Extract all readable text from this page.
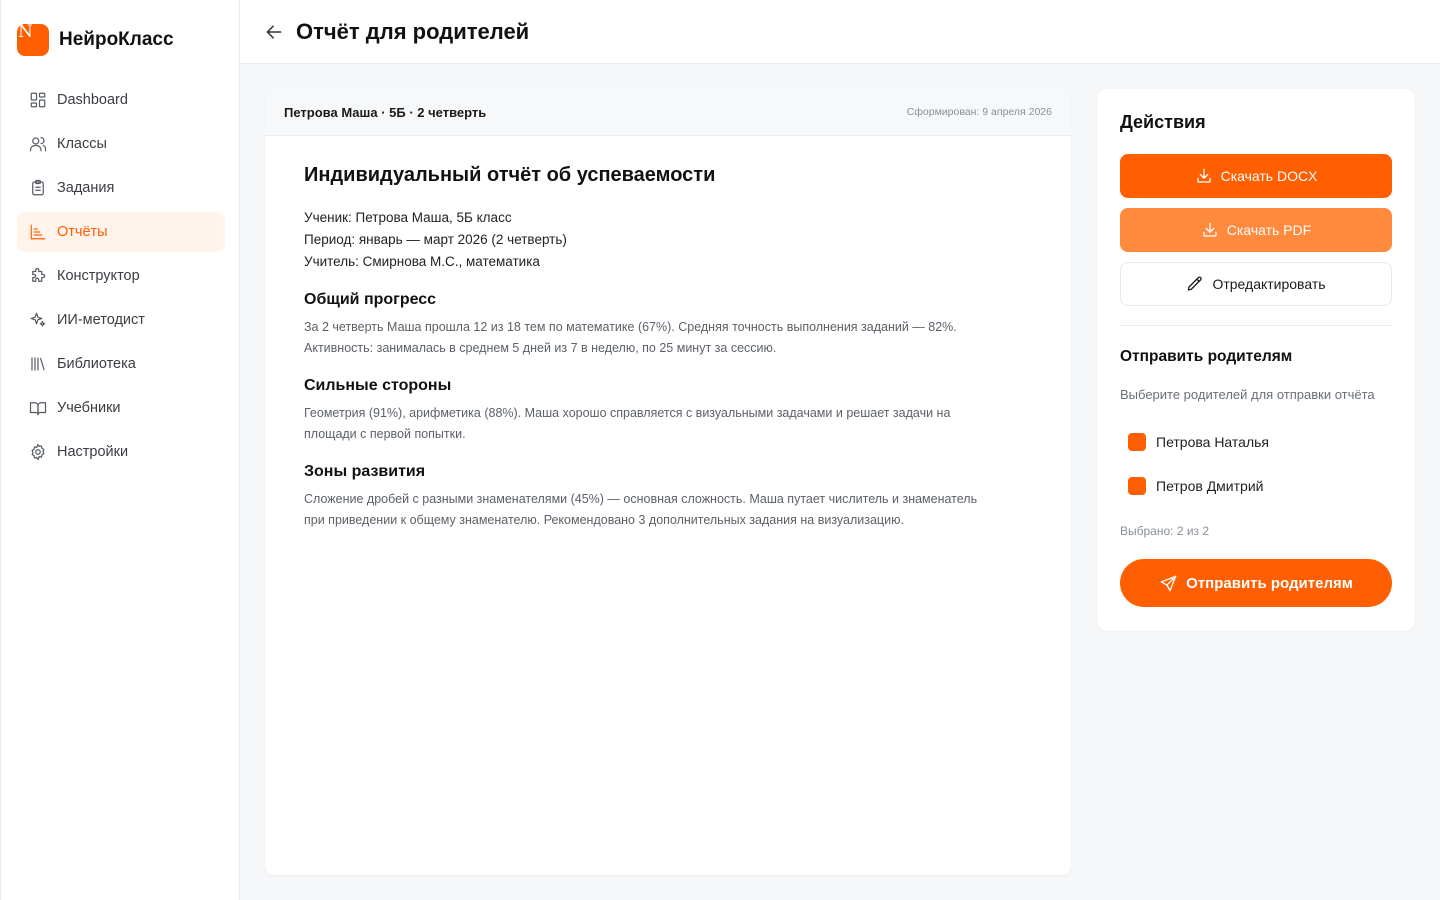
N НейроКласс
Dashboard
Классы
Задания
Отчёты
Конструктор
ИИ-методист
Библиотека
Учебники
Настройки
Отчёт для родителей
Петрова Маша · 5Б · 2 четверть	Сформирован: 9 апреля 2026
Индивидуальный отчёт об успеваемости
Ученик: Петрова Маша, 5Б класс
Период: январь — март 2026 (2 четверть)
Учитель: Смирнова М.С., математика
Общий прогресс
За 2 четверть Маша прошла 12 из 18 тем по математике (67%). Средняя точность выполнения заданий — 82%.
Активность: занималась в среднем 5 дней из 7 в неделю, по 25 минут за сессию.
Сильные стороны
Геометрия (91%), арифметика (88%). Маша хорошо справляется с визуальными задачами и решает задачи на
площади с первой попытки.
Зоны развития
Сложение дробей с разными знаменателями (45%) — основная сложность. Маша путает числитель и знаменатель
при приведении к общему знаменателю. Рекомендовано 3 дополнительных задания на визуализацию.
Действия
Скачать DOCX
Скачать PDF
Отредактировать
Отправить родителям
Выберите родителей для отправки отчёта
Петрова Наталья
Петров Дмитрий
Выбрано: 2 из 2
Отправить родителям
